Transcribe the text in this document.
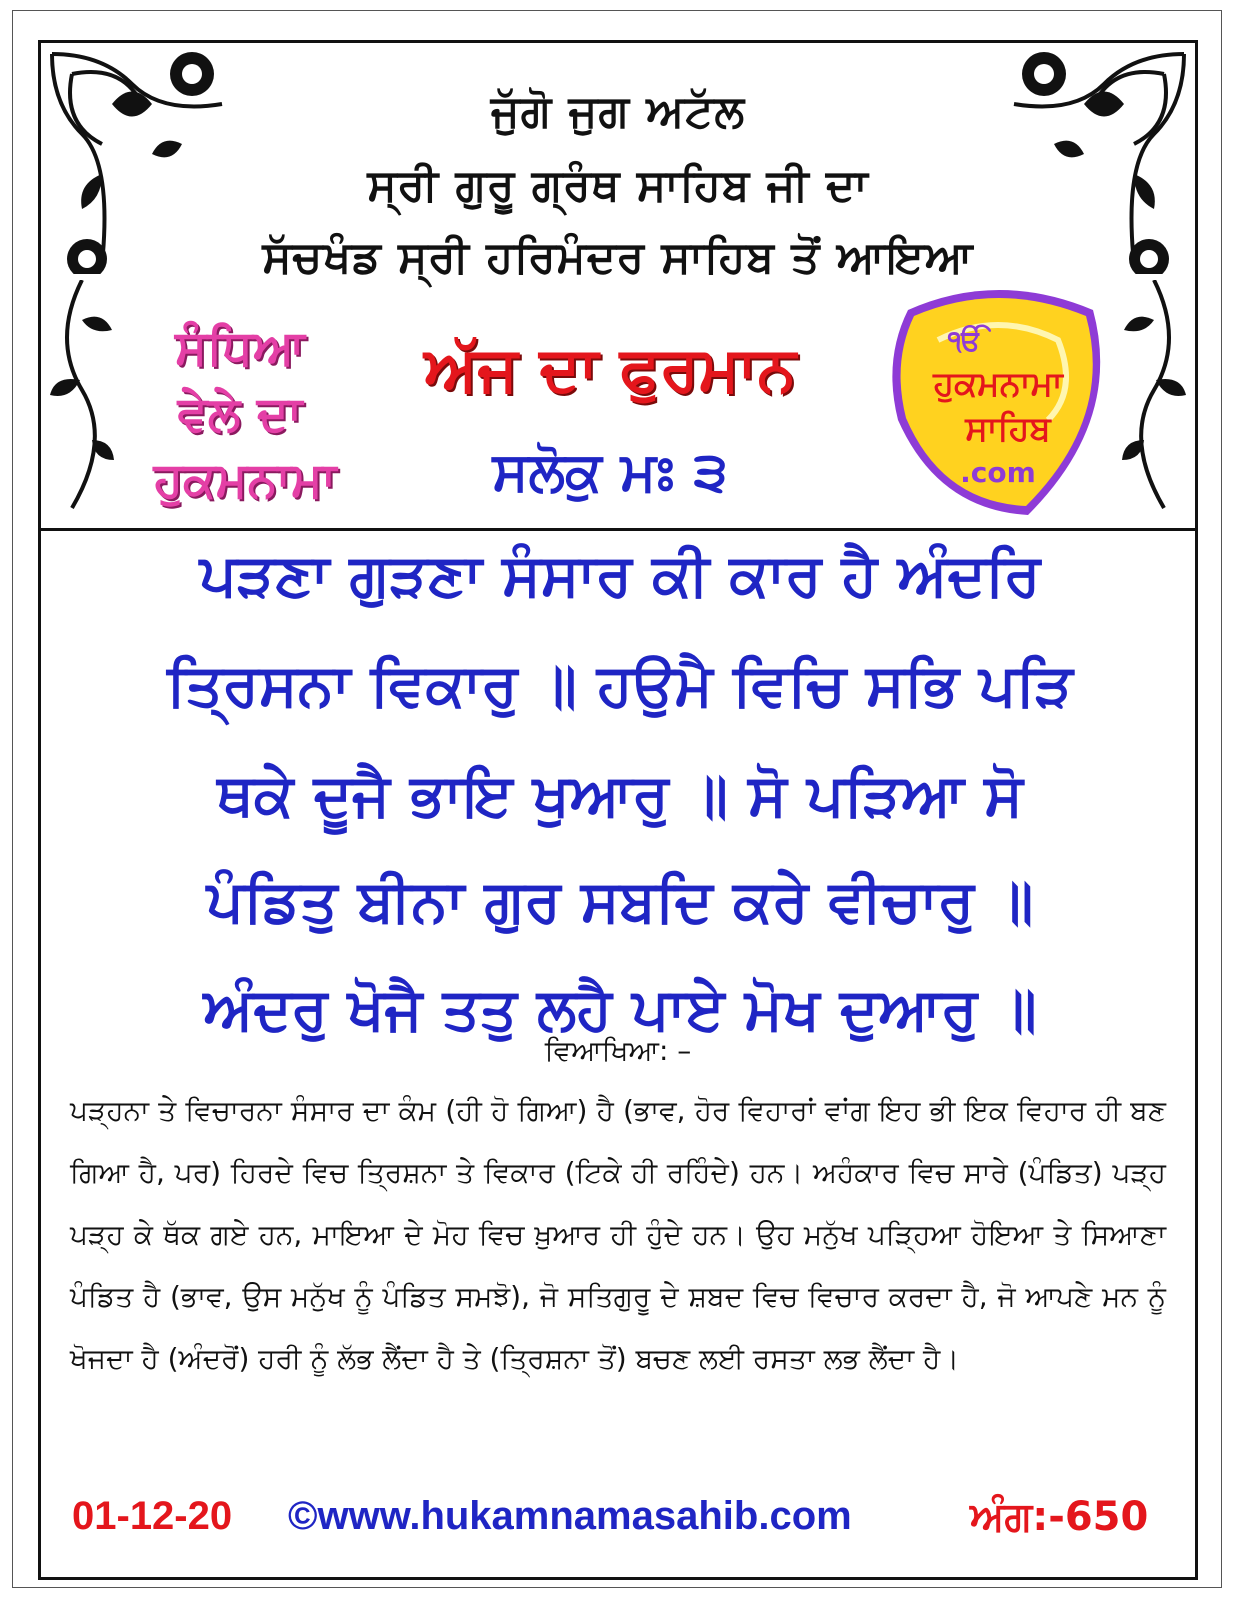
ਜੁੱਗੋ ਜੁਗ ਅਟੱਲ
ਸ੍ਰੀ ਗੁਰੂ ਗ੍ਰੰਥ ਸਾਹਿਬ ਜੀ ਦਾ
ਸੱਚਖੰਡ ਸ੍ਰੀ ਹਰਿਮੰਦਰ ਸਾਹਿਬ ਤੋਂ ਆਇਆ
ਸੰਧਿਆ
ਵੇਲੇ ਦਾ
ਹੁਕਮਨਾਮਾ
ਅੱਜ ਦਾ ਫੁਰਮਾਨ
ਸਲੋਕੁ ਮਃ ੩
ੴ
ਹੁਕਮਨਾਮਾ
ਸਾਹਿਬ
.com
ਪੜਣਾ ਗੁੜਣਾ ਸੰਸਾਰ ਕੀ ਕਾਰ ਹੈ ਅੰਦਰਿ
ਤ੍ਰਿਸਨਾ ਵਿਕਾਰੁ ॥ ਹਉਮੈ ਵਿਚਿ ਸਭਿ ਪੜਿ
ਥਕੇ ਦੂਜੈ ਭਾਇ ਖੁਆਰੁ ॥ ਸੋ ਪੜਿਆ ਸੋ
ਪੰਡਿਤੁ ਬੀਨਾ ਗੁਰ ਸਬਦਿ ਕਰੇ ਵੀਚਾਰੁ ॥
ਅੰਦਰੁ ਖੋਜੈ ਤਤੁ ਲਹੈ ਪਾਏ ਮੋਖ ਦੁਆਰੁ ॥
ਵਿਆਖਿਆ: –
ਪੜ੍ਹਨਾ ਤੇ ਵਿਚਾਰਨਾ ਸੰਸਾਰ ਦਾ ਕੰਮ (ਹੀ ਹੋ ਗਿਆ) ਹੈ (ਭਾਵ, ਹੋਰ ਵਿਹਾਰਾਂ ਵਾਂਗ ਇਹ ਭੀ ਇਕ ਵਿਹਾਰ ਹੀ ਬਣ ਗਿਆ ਹੈ, ਪਰ) ਹਿਰਦੇ ਵਿਚ ਤ੍ਰਿਸ਼ਨਾ ਤੇ ਵਿਕਾਰ (ਟਿਕੇ ਹੀ ਰਹਿੰਦੇ) ਹਨ। ਅਹੰਕਾਰ ਵਿਚ ਸਾਰੇ (ਪੰਡਿਤ) ਪੜ੍ਹ ਪੜ੍ਹ ਕੇ ਥੱਕ ਗਏ ਹਨ, ਮਾਇਆ ਦੇ ਮੋਹ ਵਿਚ ਖ਼ੁਆਰ ਹੀ ਹੁੰਦੇ ਹਨ। ਉਹ ਮਨੁੱਖ ਪੜ੍ਹਿਆ ਹੋਇਆ ਤੇ ਸਿਆਣਾ ਪੰਡਿਤ ਹੈ (ਭਾਵ, ਉਸ ਮਨੁੱਖ ਨੂੰ ਪੰਡਿਤ ਸਮਝੋ), ਜੋ ਸਤਿਗੁਰੂ ਦੇ ਸ਼ਬਦ ਵਿਚ ਵਿਚਾਰ ਕਰਦਾ ਹੈ, ਜੋ ਆਪਣੇ ਮਨ ਨੂੰ ਖੋਜਦਾ ਹੈ (ਅੰਦਰੋਂ) ਹਰੀ ਨੂੰ ਲੱਭ ਲੈਂਦਾ ਹੈ ਤੇ (ਤ੍ਰਿਸ਼ਨਾ ਤੋਂ) ਬਚਣ ਲਈ ਰਸਤਾ ਲਭ ਲੈਂਦਾ ਹੈ।
01-12-20 ©www.hukamnamasahib.com	ਅੰਗ:-650
